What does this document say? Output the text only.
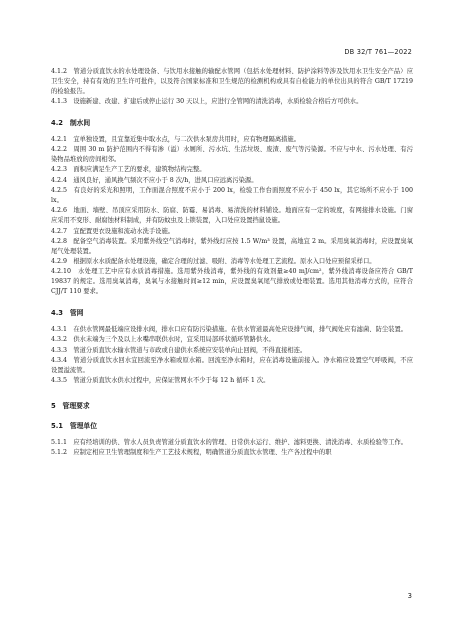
DB 32/T 761—2022
4.1.2　管道分质直饮水的水处理设备、与饮用水接触的输配水管网（包括水处理材料、防护涂料等涉及饮用水卫生安全产品）应卫生安全，持有有效的卫生许可批件，以及符合国家标准和卫生规范的检测机构或具有自检能力的单位出具的符合 GB/T 17219 的检验报告。
4.1.3　设施新建、改建、扩建后或停止运行 30 天以上，应进行全管网的清洗消毒，水质检验合格后方可供水。
4.2　制水间
4.2.1　宜单独设置，且宜靠近集中取水点，与二次供水泵房共用时，应有物理隔离措施。
4.2.2　周围 30 m 防护范围内不得有渗（溢）水厕所、污水坑、生活垃圾、废渣、废气等污染源。不应与中水、污水处理、有污染物品堆放的房间相邻。
4.2.3　面积应满足生产工艺的要求，建筑物结构完整。
4.2.4　通风良好，通风换气频次不应小于 8 次/h，进风口应远离污染源。
4.2.5　有良好的采光和照明，工作面混合照度不应小于 200 lx，检验工作台面照度不应小于 450 lx，其它场所不应小于 100 lx。
4.2.6　地面、墙壁、吊顶应采用防水、防腐、防霉、易消毒、易清洗的材料铺设。地面应有一定的坡度，有网接排水设施。门窗应采用不变形、耐腐蚀材料制成，并有防蚊虫及上锁装置，入口处应设置挡鼠设施。
4.2.7　宜配置更衣设施和流动水洗手设施。
4.2.8　配备空气消毒装置。采用紫外线空气消毒时，紫外线灯应按 1.5 W/m³ 设置，高地宜 2 m。采用臭氧消毒时，应设置臭氧尾气处理装置。
4.2.9　根据原水水质配备水处理设施，确定合理的过滤、吸附、消毒等水处理工艺流程。原水入口处应预留采样口。
4.2.10　水处理工艺中应有水质消毒措施。选用紫外线消毒，紫外线的有效剂量≥40 mJ/cm²，紫外线消毒设备应符合 GB/T 19837 的规定。选用臭氧消毒，臭氧与水接触时间≥12 min，应设置臭氧尾气排放或处理装置。选用其他消毒方式的，应符合 CJJ/T 110 要求。
4.3　管网
4.3.1　在供水管网最低端应设排水阀，排水口应有防污染措施。在供水管道最高处应设排气阀，排气阀处应有滤菌、防尘装置。
4.3.2　供水末端为三个及以上水嘴串联供水时，宜采用局部环状循环管路供水。
4.3.3　管道分质直饮水输水管道与市政或自建供水系统应安装单向止回阀，不得直接相连。
4.3.4　管道分质直饮水回水宜回流至净水箱或原水箱。回流至净水箱时，应在消毒设施前接入。净水箱应设置空气呼吸阀，不应设置溢流管。
4.3.5　管道分质直饮水供水过程中，应保证管网水不少于每 12 h 循环 1 次。
5　管理要求
5.1　管理单位
5.1.1　应有经培训的供、管水人员负责管道分质直饮水的管理、日常供水运行、维护、滤料更换、清洗消毒、水质检验等工作。
5.1.2　应制定相应卫生管理制度和生产工艺技术规程，明确管道分质直饮水管理、生产各过程中的职
3
